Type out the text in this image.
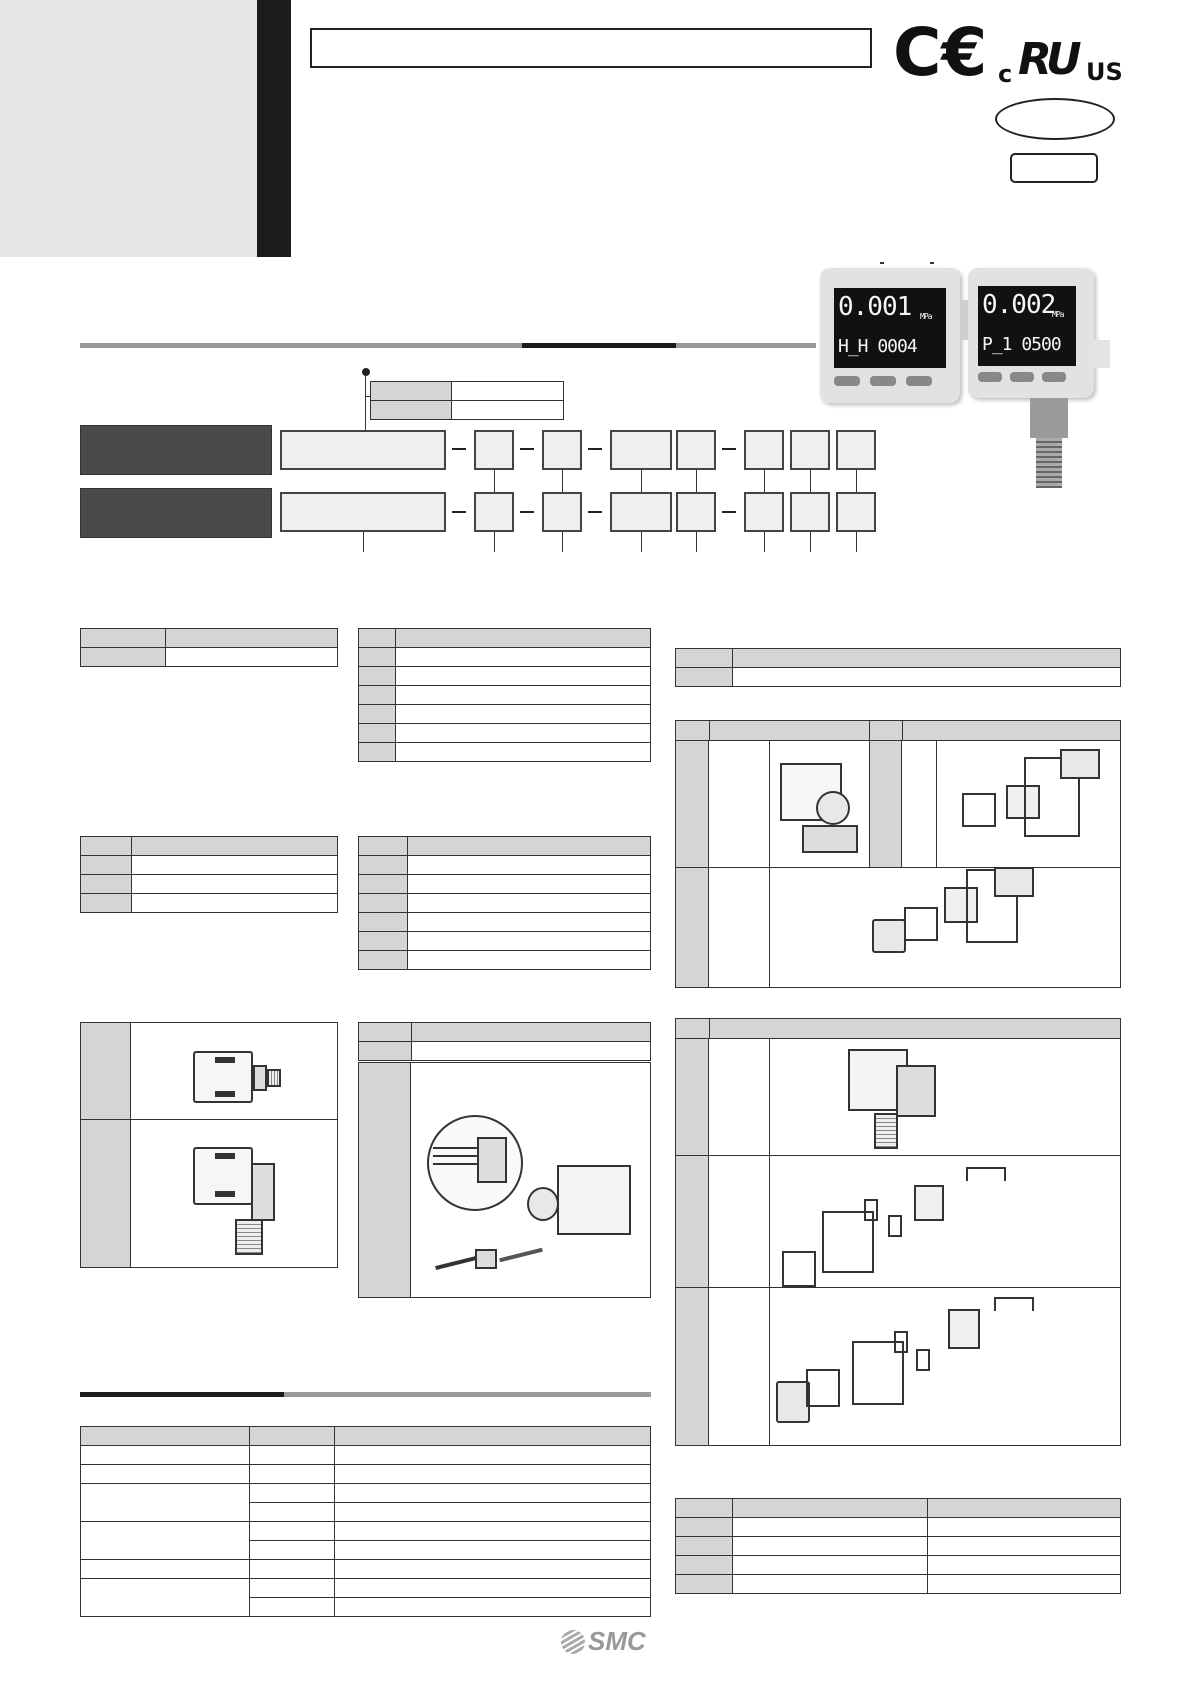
C€ c RU US
0.001
H_H 0004
MPa 0.002
P_1 0500
MPa

SMC
